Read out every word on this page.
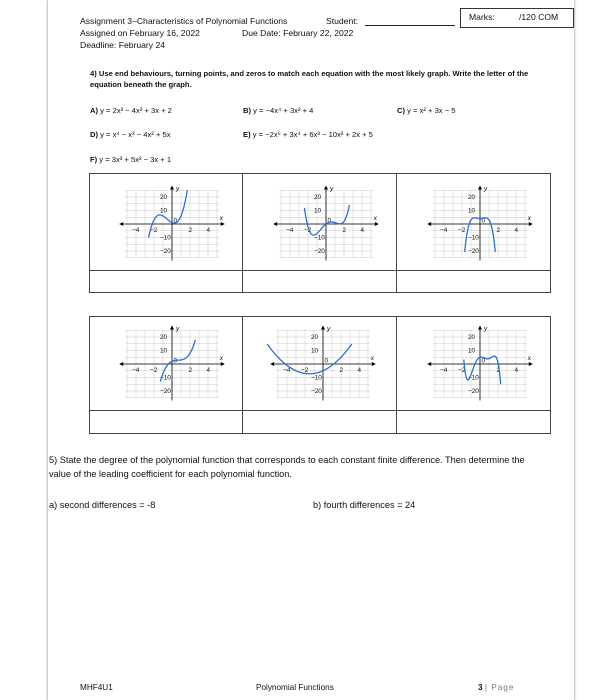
Assignment 3–Characteristics of Polynomial Functions	Student:
Assigned on February 16, 2022	Due Date: February 22, 2022
Deadline: February 24
Marks:	/120 COM
4) Use end behaviours, turning points, and zeros to match each equation with the most likely graph. Write the letter of the equation beneath the graph.
A) y = 2x³ − 4x² + 3x + 2	B) y = −4x⁴ + 3x² + 4	C) y = x² + 3x − 5
D) y = x⁴ − x³ − 4x² + 5x	E) y = −2x⁵ + 3x⁴ + 6x³ − 10x² + 2x + 5
F) y = 3x³ + 5x² − 3x + 1
20
10
0
−10
−20
−4 −2	2 4
y
x
20
10
0
−10
−20
−4 −2	2 4
y
x
20
10
0
−10
−20
−4 −2	2 4
y
x
20
10
0
−10
−20
−4 −2	2 4
y
x
20
10
0
−10
−20
−4 −2	2 4
y
x
20
10
0
−10
−20
−4 −2	2 4
y
x
5) State the degree of the polynomial function that corresponds to each constant finite difference. Then determine the value of the leading coefficient for each polynomial function.
a) second differences = -8	b) fourth differences = 24
MHF4U1	Polynomial Functions	3 | Page
